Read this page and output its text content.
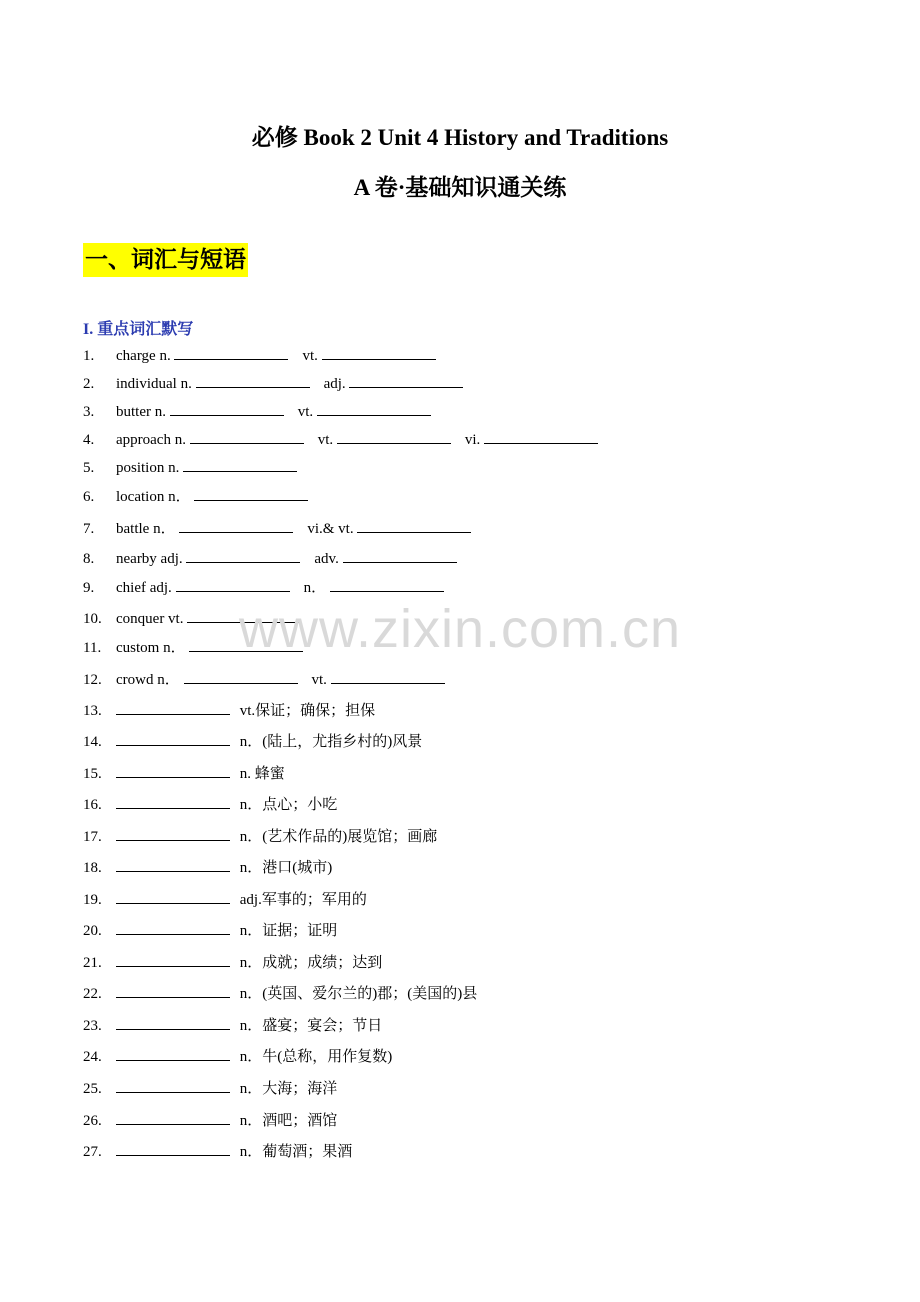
必修 Book 2 Unit 4 History and Traditions
A 卷·基础知识通关练
一、词汇与短语
I. 重点词汇默写
1. charge n.	vt.
2. individual n.	adj.
3. butter n.	vt.
4. approach n.	vt.	vi.
5. position n.
6. location n．
7. battle n．	vi.& vt.
8. nearby adj.	adv.
9. chief adj.	n．
10. conquer vt.
11. custom n．
12. crowd n．	vt.
13.	vt.保证；确保；担保
14.	n．(陆上，尤指乡村的)风景
15.	n. 蜂蜜
16.	n．点心；小吃
17.	n．(艺术作品的)展览馆；画廊
18.	n．港口(城市)
19.	adj.军事的；军用的
20.	n．证据；证明
21.	n．成就；成绩；达到
22.	n．(英国、爱尔兰的)郡；(美国的)县
23.	n．盛宴；宴会；节日
24.	n．牛(总称，用作复数)
25.	n．大海；海洋
26.	n．酒吧；酒馆
27.	n．葡萄酒；果酒
www.zixin.com.cn
